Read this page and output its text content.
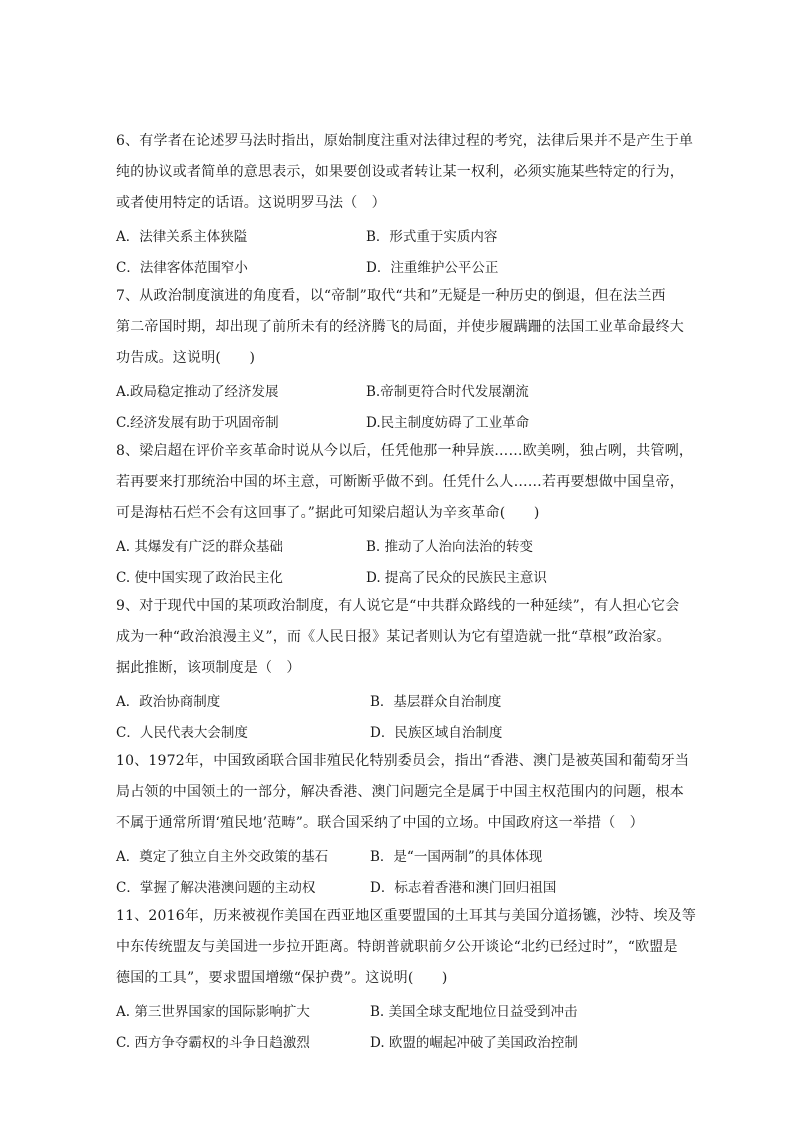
6、有学者在论述罗马法时指出，原始制度注重对法律过程的考究，法律后果并不是产生于单
纯的协议或者简单的意思表示，如果要创设或者转让某一权利，必须实施某些特定的行为，
或者使用特定的话语。这说明罗马法（　）

A．法律关系主体狭隘	B．形式重于实质内容
C．法律客体范围窄小	D．注重维护公平公正

7、从政治制度演进的角度看，以“帝制”取代“共和”无疑是一种历史的倒退，但在法兰西
第二帝国时期，却出现了前所未有的经济腾飞的局面，并使步履蹒跚的法国工业革命最终大
功告成。这说明(　　)

A.政局稳定推动了经济发展	B.帝制更符合时代发展潮流
C.经济发展有助于巩固帝制	D.民主制度妨碍了工业革命

8、梁启超在评价辛亥革命时说从今以后，任凭他那一种异族……欧美咧，独占咧，共管咧，
若再要来打那统治中国的坏主意，可断断乎做不到。任凭什么人……若再要想做中国皇帝，
可是海枯石烂不会有这回事了。”据此可知梁启超认为辛亥革命(　　)

A. 其爆发有广泛的群众基础	B. 推动了人治向法治的转变
C. 使中国实现了政治民主化	D. 提高了民众的民族民主意识

9、对于现代中国的某项政治制度，有人说它是“中共群众路线的一种延续”，有人担心它会
成为一种“政治浪漫主义”，而《人民日报》某记者则认为它有望造就一批“草根”政治家。
据此推断，该项制度是（　）

A．政治协商制度	B．基层群众自治制度
C．人民代表大会制度	D．民族区域自治制度

10、1972年，中国致函联合国非殖民化特别委员会，指出“香港、澳门是被英国和葡萄牙当
局占领的中国领土的一部分，解决香港、澳门问题完全是属于中国主权范围内的问题，根本
不属于通常所谓‘殖民地’范畴”。联合国采纳了中国的立场。中国政府这一举措（　）

A．奠定了独立自主外交政策的基石	B．是“一国两制”的具体体现
C．掌握了解决港澳问题的主动权	D．标志着香港和澳门回归祖国

11、2016年，历来被视作美国在西亚地区重要盟国的土耳其与美国分道扬镳，沙特、埃及等
中东传统盟友与美国进一步拉开距离。特朗普就职前夕公开谈论“北约已经过时”，“欧盟是
德国的工具”，要求盟国增缴“保护费”。这说明(　　)

A. 第三世界国家的国际影响扩大	B. 美国全球支配地位日益受到冲击
C. 西方争夺霸权的斗争日趋激烈	D. 欧盟的崛起冲破了美国政治控制
